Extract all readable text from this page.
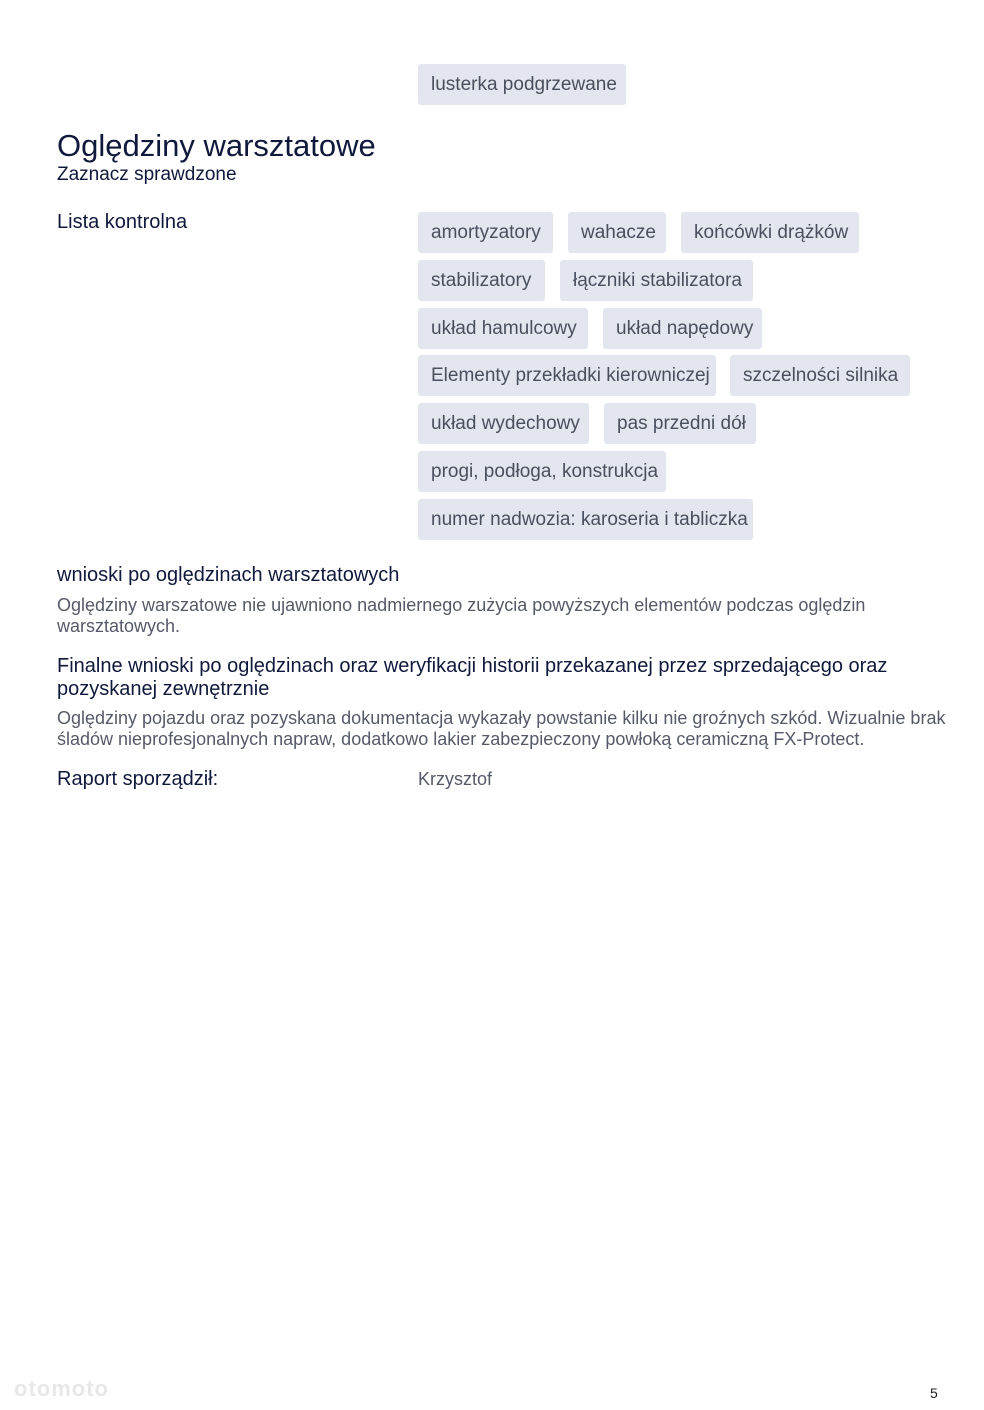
lusterka podgrzewane
Oględziny warsztatowe
Zaznacz sprawdzone
Lista kontrolna	amortyzatory	wahacze	końcówki drążków
stabilizatory	łączniki stabilizatora
układ hamulcowy	układ napędowy
Elementy przekładki kierowniczej	szczelności silnika
układ wydechowy	pas przedni dół
progi, podłoga, konstrukcja
numer nadwozia: karoseria i tabliczka
wnioski po oględzinach warsztatowych
Oględziny warszatowe nie ujawniono nadmiernego zużycia powyższych elementów podczas oględzin warsztatowych.
Finalne wnioski po oględzinach oraz weryfikacji historii przekazanej przez sprzedającego oraz pozyskanej zewnętrznie
Oględziny pojazdu oraz pozyskana dokumentacja wykazały powstanie kilku nie groźnych szkód. Wizualnie brak śladów nieprofesjonalnych napraw, dodatkowo lakier zabezpieczony powłoką ceramiczną FX-Protect.
Raport sporządził:	Krzysztof
otomoto	5
